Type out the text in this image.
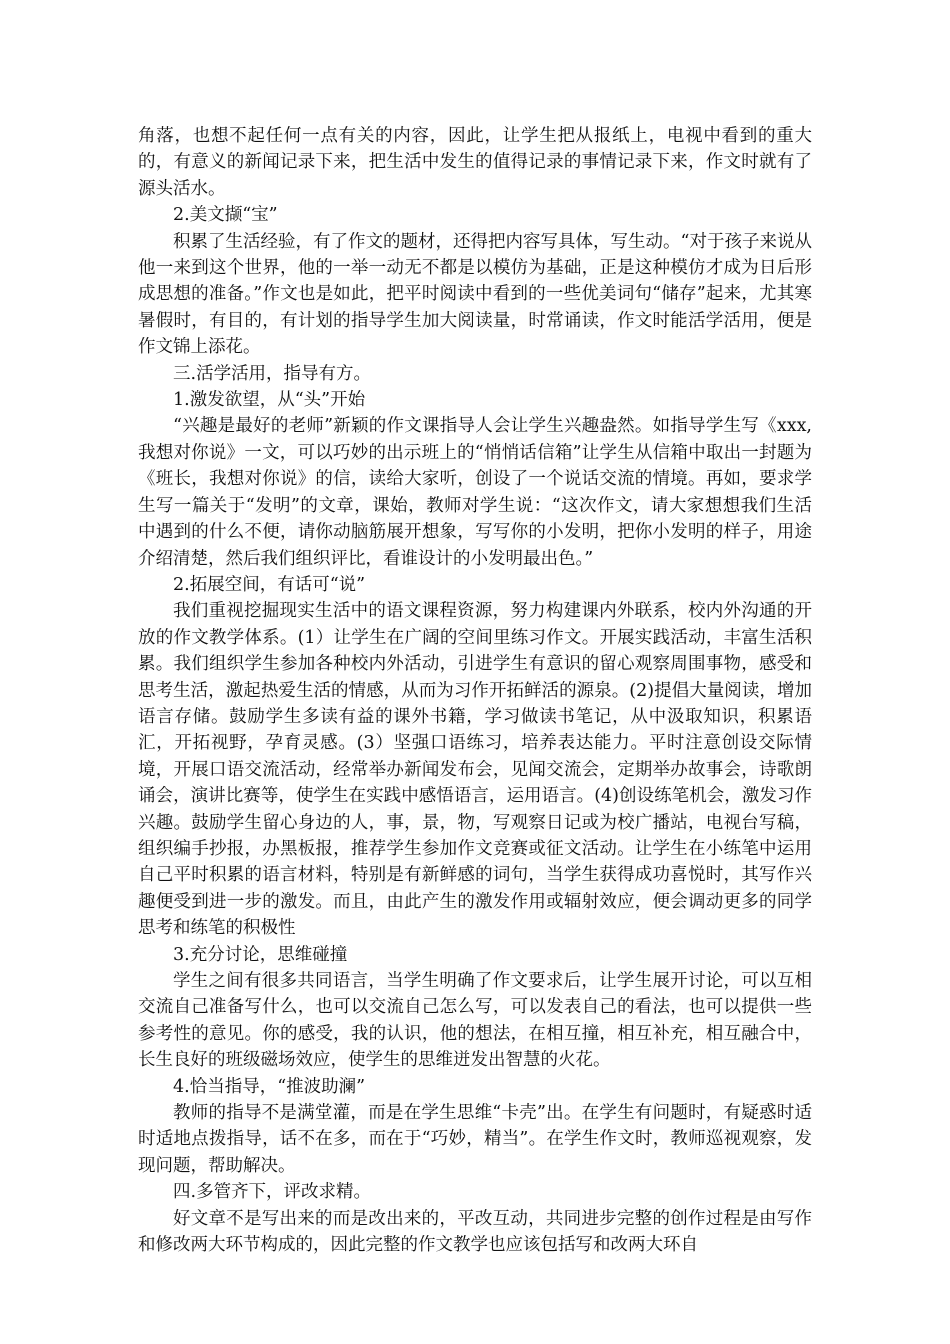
角落，也想不起任何一点有关的内容，因此，让学生把从报纸上，电视中看到的重大的，有意义的新闻记录下来，把生活中发生的值得记录的事情记录下来，作文时就有了源头活水。

2.美文撷“宝”

积累了生活经验，有了作文的题材，还得把内容写具体，写生动。“对于孩子来说从他一来到这个世界，他的一举一动无不都是以模仿为基础，正是这种模仿才成为日后形成思想的准备。”作文也是如此，把平时阅读中看到的一些优美词句“储存”起来，尤其寒暑假时，有目的，有计划的指导学生加大阅读量，时常诵读，作文时能活学活用，便是作文锦上添花。

三.活学活用，指导有方。

1.激发欲望，从“头”开始

“兴趣是最好的老师”新颖的作文课指导人会让学生兴趣盎然。如指导学生写《xxx,我想对你说》一文，可以巧妙的出示班上的“悄悄话信箱”让学生从信箱中取出一封题为《班长，我想对你说》的信，读给大家听，创设了一个说话交流的情境。再如，要求学生写一篇关于“发明”的文章，课始，教师对学生说：“这次作文，请大家想想我们生活中遇到的什么不便，请你动脑筋展开想象，写写你的小发明，把你小发明的样子，用途介绍清楚，然后我们组织评比，看谁设计的小发明最出色。”

2.拓展空间，有话可“说”

我们重视挖掘现实生活中的语文课程资源，努力构建课内外联系，校内外沟通的开放的作文教学体系。(1）让学生在广阔的空间里练习作文。开展实践活动，丰富生活积累。我们组织学生参加各种校内外活动，引进学生有意识的留心观察周围事物，感受和思考生活，激起热爱生活的情感，从而为习作开拓鲜活的源泉。(2)提倡大量阅读，增加语言存储。鼓励学生多读有益的课外书籍，学习做读书笔记，从中汲取知识，积累语汇，开拓视野，孕育灵感。(3）坚强口语练习，培养表达能力。平时注意创设交际情境，开展口语交流活动，经常举办新闻发布会，见闻交流会，定期举办故事会，诗歌朗诵会，演讲比赛等，使学生在实践中感悟语言，运用语言。(4)创设练笔机会，激发习作兴趣。鼓励学生留心身边的人，事，景，物，写观察日记或为校广播站，电视台写稿，组织编手抄报，办黑板报，推荐学生参加作文竞赛或征文活动。让学生在小练笔中运用自己平时积累的语言材料，特别是有新鲜感的词句，当学生获得成功喜悦时，其写作兴趣便受到进一步的激发。而且，由此产生的激发作用或辐射效应，便会调动更多的同学思考和练笔的积极性

3.充分讨论，思维碰撞

学生之间有很多共同语言，当学生明确了作文要求后，让学生展开讨论，可以互相交流自己准备写什么，也可以交流自己怎么写，可以发表自己的看法，也可以提供一些参考性的意见。你的感受，我的认识，他的想法，在相互撞，相互补充，相互融合中，长生良好的班级磁场效应，使学生的思维迸发出智慧的火花。

4.恰当指导，“推波助澜”

教师的指导不是满堂灌，而是在学生思维“卡壳”出。在学生有问题时，有疑惑时适时适地点拨指导，话不在多，而在于“巧妙，精当”。在学生作文时，教师巡视观察，发现问题，帮助解决。

四.多管齐下，评改求精。

好文章不是写出来的而是改出来的，平改互动，共同进步完整的创作过程是由写作和修改两大环节构成的，因此完整的作文教学也应该包括写和改两大环自
